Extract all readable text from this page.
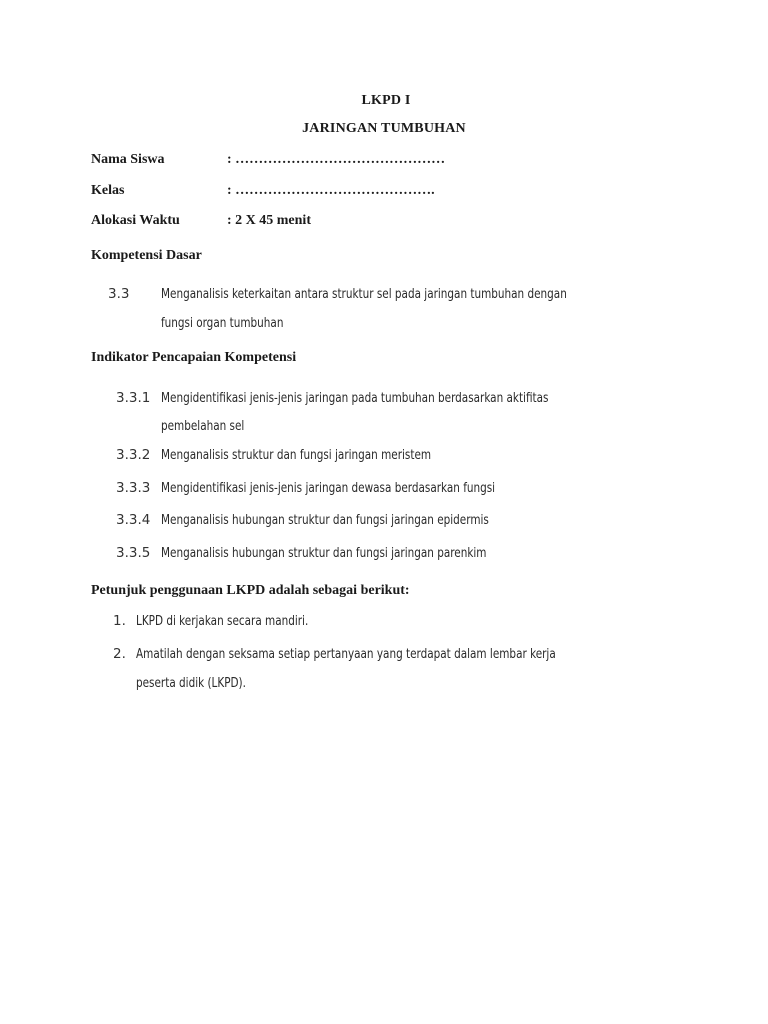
LKPD I
JARINGAN TUMBUHAN
Nama Siswa	: ………………………………………
Kelas	: …………………………………….
Alokasi Waktu	: 2 X 45 menit
Kompetensi Dasar
3.3 Menganalisis keterkaitan antara struktur sel pada jaringan tumbuhan dengan
fungsi organ tumbuhan
Indikator Pencapaian Kompetensi
3.3.1 Mengidentifikasi jenis-jenis jaringan pada tumbuhan berdasarkan aktifitas
pembelahan sel
3.3.2 Menganalisis struktur dan fungsi jaringan meristem
3.3.3 Mengidentifikasi jenis-jenis jaringan dewasa berdasarkan fungsi
3.3.4 Menganalisis hubungan struktur dan fungsi jaringan epidermis
3.3.5 Menganalisis hubungan struktur dan fungsi jaringan parenkim
Petunjuk penggunaan LKPD adalah sebagai berikut:
1. LKPD di kerjakan secara mandiri.
2. Amatilah dengan seksama setiap pertanyaan yang terdapat dalam lembar kerja
peserta didik (LKPD).
